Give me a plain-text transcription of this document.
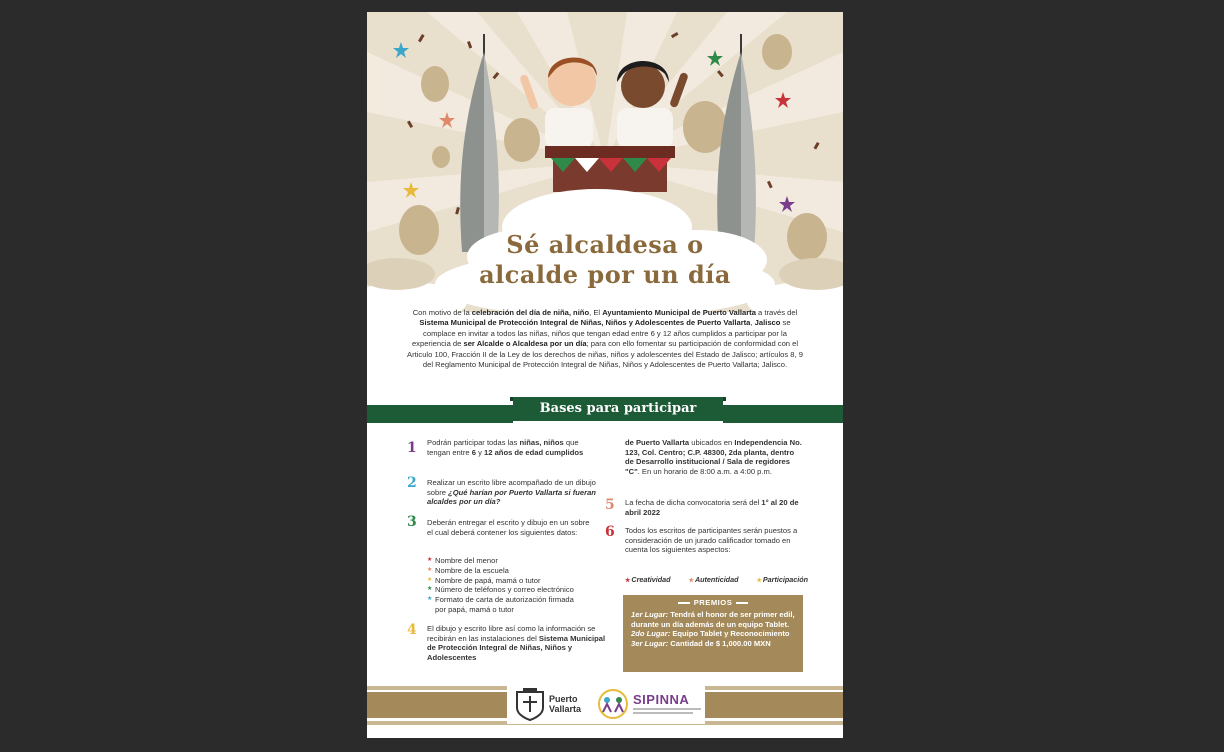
Sé alcaldesa o
alcalde por un día
Con motivo de la celebración del día de niña, niño, El Ayuntamiento Municipal de Puerto Vallarta a través del Sistema Municipal de Protección Integral de Niñas, Niños y Adolescentes de Puerto Vallarta, Jalisco se complace en invitar a todos las niñas, niños que tengan edad entre 6 y 12 años cumplidos a participar por la experiencia de ser Alcalde o Alcaldesa por un día; para con ello fomentar su participación de conformidad con el Articulo 100, Fracción II de la Ley de los derechos de niñas, niños y adolescentes del Estado de Jalisco; artículos 8, 9 del Reglamento Municipal de Protección Integral de Niñas, Niños y Adolescentes de Puerto Vallarta; Jalisco.
Bases para participar
1 Podrán participar todas las niñas, niños que tengan entre 6 y 12 años de edad cumplidos
2 Realizar un escrito libre acompañado de un dibujo sobre ¿Qué harían por Puerto Vallarta si fueran alcaldes por un día?
3 Deberán entregar el escrito y dibujo en un sobre el cual deberá contener los siguientes datos:
★ Nombre del menor
★ Nombre de la escuela
★ Nombre de papá, mamá o tutor
★ Número de teléfonos y correo electrónico
★ Formato de carta de autorización firmada
por papá, mamá o tutor
4 El dibujo y escrito libre así como la información se recibirán en las instalaciones del Sistema Municipal de Protección Integral de Niñas, Niños y Adolescentes
de Puerto Vallarta ubicados en Independencia No. 123, Col. Centro; C.P. 48300, 2da planta, dentro de Desarrollo institucional / Sala de regidores "C". En un horario de 8:00 a.m. a 4:00 p.m.
5 La fecha de dicha convocatoria será del 1° al 20 de abril 2022
6 Todos los escritos de participantes serán puestos a consideración de un jurado calificador tomado en cuenta los siguientes aspectos:
★Creatividad	★Autenticidad	★Participación
PREMIOS
1er Lugar: Tendrá el honor de ser primer edil, durante un día además de un equipo Tablet.
2do Lugar: Equipo Tablet y Reconocimiento
3er Lugar: Cantidad de $ 1,000.00 MXN
Puerto
Vallarta
SIPINNA
